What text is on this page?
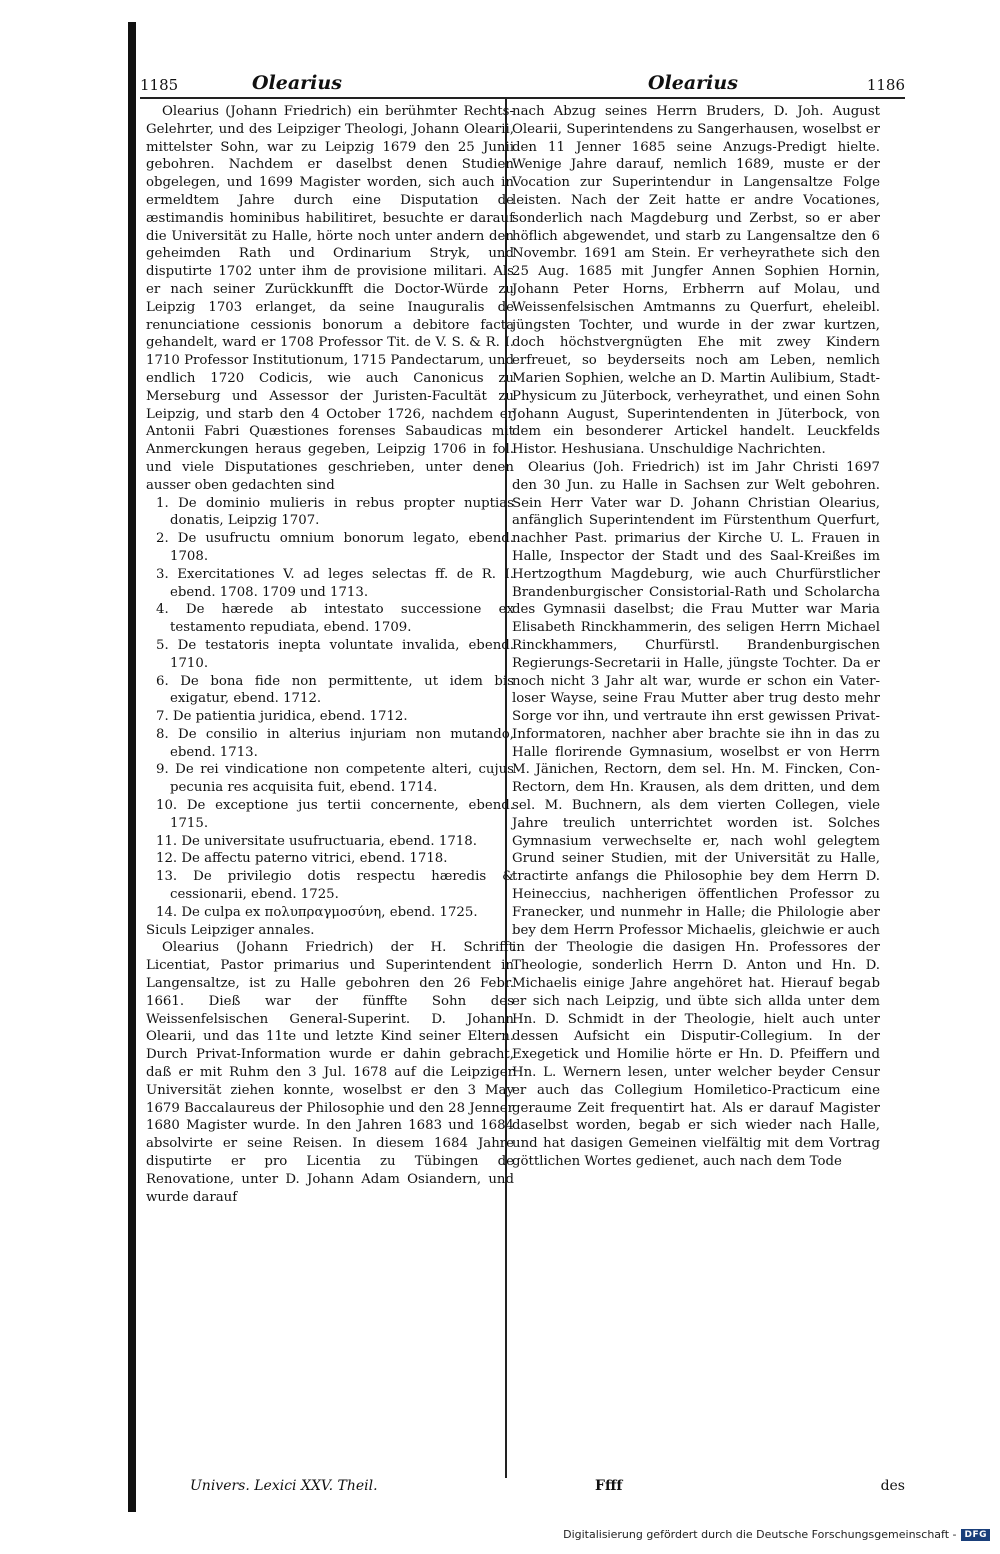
1185	Olearius	Olearius	1186

Olearius (Johann Friedrich) ein berühmter Rechts-Gelehrter, und des Leipziger Theologi, Johann Olearii, mittelster Sohn, war zu Leipzig 1679 den 25 Junii gebohren. Nachdem er daselbst denen Studien obgelegen, und 1699 Magister worden, sich auch in ermeldtem Jahre durch eine Disputation de æstimandis hominibus habilitiret, besuchte er darauf die Universität zu Halle, hörte noch unter andern den geheimden Rath und Ordinarium Stryk, und disputirte 1702 unter ihm de provisione militari. Als er nach seiner Zurückkunfft die Doctor-Würde zu Leipzig 1703 erlanget, da seine Inauguralis de renunciatione cessionis bonorum a debitore facta gehandelt, ward er 1708 Professor Tit. de V. S. & R. I. 1710 Professor Institutionum, 1715 Pandectarum, und endlich 1720 Codicis, wie auch Canonicus zu Merseburg und Assessor der Juristen-Facultät zu Leipzig, und starb den 4 October 1726, nachdem er Antonii Fabri Quæstiones forenses Sabaudicas mit Anmerckungen heraus gegeben, Leipzig 1706 in fol. und viele Disputationes geschrieben, unter denen ausser oben gedachten sind

1. De dominio mulieris in rebus propter nuptias donatis, Leipzig 1707.
2. De usufructu omnium bonorum legato, ebend. 1708.
3. Exercitationes V. ad leges selectas ff. de R. I. ebend. 1708. 1709 und 1713.
4. De hærede ab intestato successione ex testamento repudiata, ebend. 1709.
5. De testatoris inepta voluntate invalida, ebend. 1710.
6. De bona fide non permittente, ut idem bis exigatur, ebend. 1712.
7. De patientia juridica, ebend. 1712.
8. De consilio in alterius injuriam non mutando, ebend. 1713.
9. De rei vindicatione non competente alteri, cujus pecunia res acquisita fuit, ebend. 1714.
10. De exceptione jus tertii concernente, ebend. 1715.
11. De universitate usufructuaria, ebend. 1718.
12. De affectu paterno vitrici, ebend. 1718.
13. De privilegio dotis respectu hæredis & cessionarii, ebend. 1725.
14. De culpa ex πολυπραγμοσύνη, ebend. 1725.

Siculs Leipziger annales.

Olearius (Johann Friedrich) der H. Schrifft Licentiat, Pastor primarius und Superintendent in Langensaltze, ist zu Halle gebohren den 26 Febr. 1661. Dieß war der fünffte Sohn des Weissenfelsischen General-Superint. D. Johann Olearii, und das 11te und letzte Kind seiner Eltern. Durch Privat-Information wurde er dahin gebracht, daß er mit Ruhm den 3 Jul. 1678 auf die Leipziger Universität ziehen konnte, woselbst er den 3 May 1679 Baccalaureus der Philosophie und den 28 Jenner 1680 Magister wurde. In den Jahren 1683 und 1684 absolvirte er seine Reisen. In diesem 1684 Jahre disputirte er pro Licentia zu Tübingen de Renovatione, unter D. Johann Adam Osiandern, und wurde darauf

nach Abzug seines Herrn Bruders, D. Joh. August Olearii, Superintendens zu Sangerhausen, woselbst er den 11 Jenner 1685 seine Anzugs-Predigt hielte. Wenige Jahre darauf, nemlich 1689, muste er der Vocation zur Superintendur in Langensaltze Folge leisten. Nach der Zeit hatte er andre Vocationes, sonderlich nach Magdeburg und Zerbst, so er aber höflich abgewendet, und starb zu Langensaltze den 6 Novembr. 1691 am Stein. Er verheyrathete sich den 25 Aug. 1685 mit Jungfer Annen Sophien Hornin, Johann Peter Horns, Erbherrn auf Molau, und Weissenfelsischen Amtmanns zu Querfurt, eheleibl. jüngsten Tochter, und wurde in der zwar kurtzen, doch höchstvergnügten Ehe mit zwey Kindern erfreuet, so beyderseits noch am Leben, nemlich Marien Sophien, welche an D. Martin Aulibium, Stadt-Physicum zu Jüterbock, verheyrathet, und einen Sohn Johann August, Superintendenten in Jüterbock, von dem ein besonderer Artickel handelt. Leuckfelds Histor. Heshusiana. Unschuldige Nachrichten.

Olearius (Joh. Friedrich) ist im Jahr Christi 1697 den 30 Jun. zu Halle in Sachsen zur Welt gebohren. Sein Herr Vater war D. Johann Christian Olearius, anfänglich Superintendent im Fürstenthum Querfurt, nachher Past. primarius der Kirche U. L. Frauen in Halle, Inspector der Stadt und des Saal-Kreißes im Hertzogthum Magdeburg, wie auch Churfürstlicher Brandenburgischer Consistorial-Rath und Scholarcha des Gymnasii daselbst; die Frau Mutter war Maria Elisabeth Rinckhammerin, des seligen Herrn Michael Rinckhammers, Churfürstl. Brandenburgischen Regierungs-Secretarii in Halle, jüngste Tochter. Da er noch nicht 3 Jahr alt war, wurde er schon ein Vater-loser Wayse, seine Frau Mutter aber trug desto mehr Sorge vor ihn, und vertraute ihn erst gewissen Privat-Informatoren, nachher aber brachte sie ihn in das zu Halle florirende Gymnasium, woselbst er von Herrn M. Jänichen, Rectorn, dem sel. Hn. M. Fincken, Con-Rectorn, dem Hn. Krausen, als dem dritten, und dem sel. M. Buchnern, als dem vierten Collegen, viele Jahre treulich unterrichtet worden ist. Solches Gymnasium verwechselte er, nach wohl gelegtem Grund seiner Studien, mit der Universität zu Halle, tractirte anfangs die Philosophie bey dem Herrn D. Heineccius, nachherigen öffentlichen Professor zu Franecker, und nunmehr in Halle; die Philologie aber bey dem Herrn Professor Michaelis, gleichwie er auch in der Theologie die dasigen Hn. Professores der Theologie, sonderlich Herrn D. Anton und Hn. D. Michaelis einige Jahre angehöret hat. Hierauf begab er sich nach Leipzig, und übte sich allda unter dem Hn. D. Schmidt in der Theologie, hielt auch unter dessen Aufsicht ein Disputir-Collegium. In der Exegetick und Homilie hörte er Hn. D. Pfeiffern und Hn. L. Wernern lesen, unter welcher beyder Censur er auch das Collegium Homiletico-Practicum eine geraume Zeit frequentirt hat. Als er darauf Magister daselbst worden, begab er sich wieder nach Halle, und hat dasigen Gemeinen vielfältig mit dem Vortrag göttlichen Wortes gedienet, auch nach dem Tode

Univers. Lexici XXV. Theil.	Ffff	des
Digitalisierung gefördert durch die Deutsche Forschungsgemeinschaft - DFG
